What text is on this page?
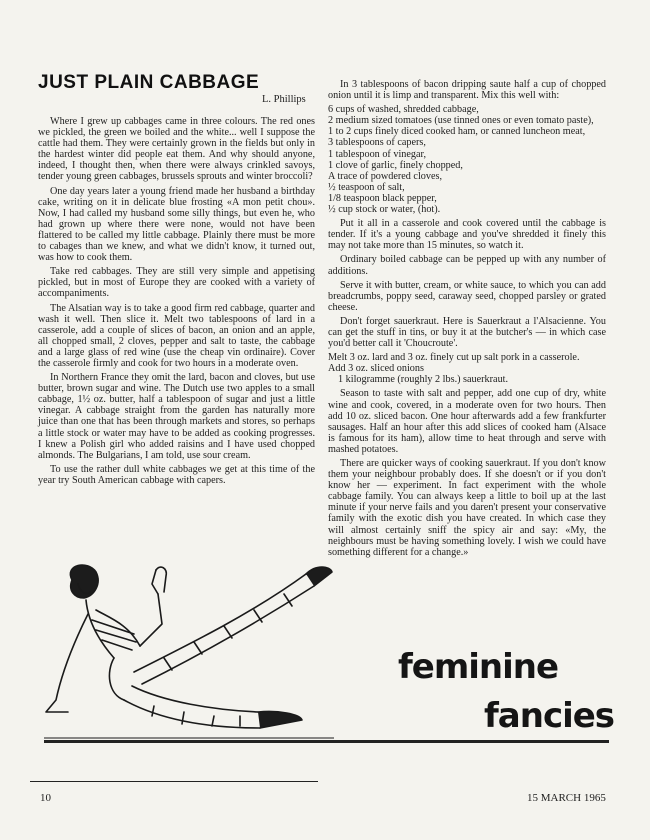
JUST PLAIN CABBAGE
L. Phillips

Where I grew up cabbages came in three colours. The red ones we pickled, the green we boiled and the white... well I suppose the cattle had them. They were certainly grown in the fields but only in the hardest winter did people eat them. And why should anyone, indeed, I thought then, when there were always crinkled savoys, tender young green cabbages, brussels sprouts and winter broccoli?

One day years later a young friend made her husband a birthday cake, writing on it in delicate blue frosting «A mon petit chou». Now, I had called my husband some silly things, but even he, who had grown up where there were none, would not have been flattered to be called my little cabbage. Plainly there must be more to cabages than we knew, and what we didn't know, it turned out, was how to cook them.

Take red cabbages. They are still very simple and appetising pickled, but in most of Europe they are cooked with a variety of accompaniments.

The Alsatian way is to take a good firm red cabbage, quarter and wash it well. Then slice it. Melt two tablespoons of lard in a casserole, add a couple of slices of bacon, an onion and an apple, all chopped small, 2 cloves, pepper and salt to taste, the cabbage and a large glass of red wine (use the cheap vin ordinaire). Cover the casserole firmly and cook for two hours in a moderate oven.

In Northern France they omit the lard, bacon and cloves, but use butter, brown sugar and wine. The Dutch use two apples to a small cabbage, 1½ oz. butter, half a tablespoon of sugar and just a little vinegar. A cabbage straight from the garden has naturally more juice than one that has been through markets and stores, so perhaps a little stock or water may have to be added as cooking progresses. I knew a Polish girl who added raisins and I have used chopped almonds. The Bulgarians, I am told, use sour cream.

To use the rather dull white cabbages we get at this time of the year try South American cabbage with capers.

In 3 tablespoons of bacon dripping saute half a cup of chopped onion until it is limp and transparent. Mix this well with:

6 cups of washed, shredded cabbage,
2 medium sized tomatoes (use tinned ones or even tomato paste),
1 to 2 cups finely diced cooked ham, or canned luncheon meat,
3 tablespoons of capers,
1 tablespoon of vinegar,
1 clove of garlic, finely chopped,
A trace of powdered cloves,
½ teaspoon of salt,
1/8 teaspoon black pepper,
½ cup stock or water, (hot).

Put it all in a casserole and cook covered until the cabbage is tender. If it's a young cabbage and you've shredded it finely this may not take more than 15 minutes, so watch it.

Ordinary boiled cabbage can be pepped up with any number of additions.

Serve it with butter, cream, or white sauce, to which you can add breadcrumbs, poppy seed, caraway seed, chopped parsley or grated cheese.

Don't forget sauerkraut. Here is Sauerkraut a l'Alsacienne. You can get the stuff in tins, or buy it at the butcher's — in which case you'd better call it 'Choucroute'.

Melt 3 oz. lard and 3 oz. finely cut up salt pork in a casserole.
Add 3 oz. sliced onions
1 kilogramme (roughly 2 lbs.) sauerkraut.

Season to taste with salt and pepper, add one cup of dry, white wine and cook, covered, in a moderate oven for two hours. Then add 10 oz. sliced bacon. One hour afterwards add a few frankfurter sausages. Half an hour after this add slices of cooked ham (Alsace is famous for its ham), allow time to heat through and serve with mashed potatoes.

There are quicker ways of cooking sauerkraut. If you don't know them your neighbour probably does. If she doesn't or if you don't know her — experiment. In fact experiment with the whole cabbage family. You can always keep a little to boil up at the last minute if your nerve fails and you daren't present your conservative family with the exotic dish you have created. In which case they will almost certainly sniff the spicy air and say: «My, the neighbours must be having something lovely. I wish we could have something different for a change.»

feminine
fancies
10	15 MARCH 1965
